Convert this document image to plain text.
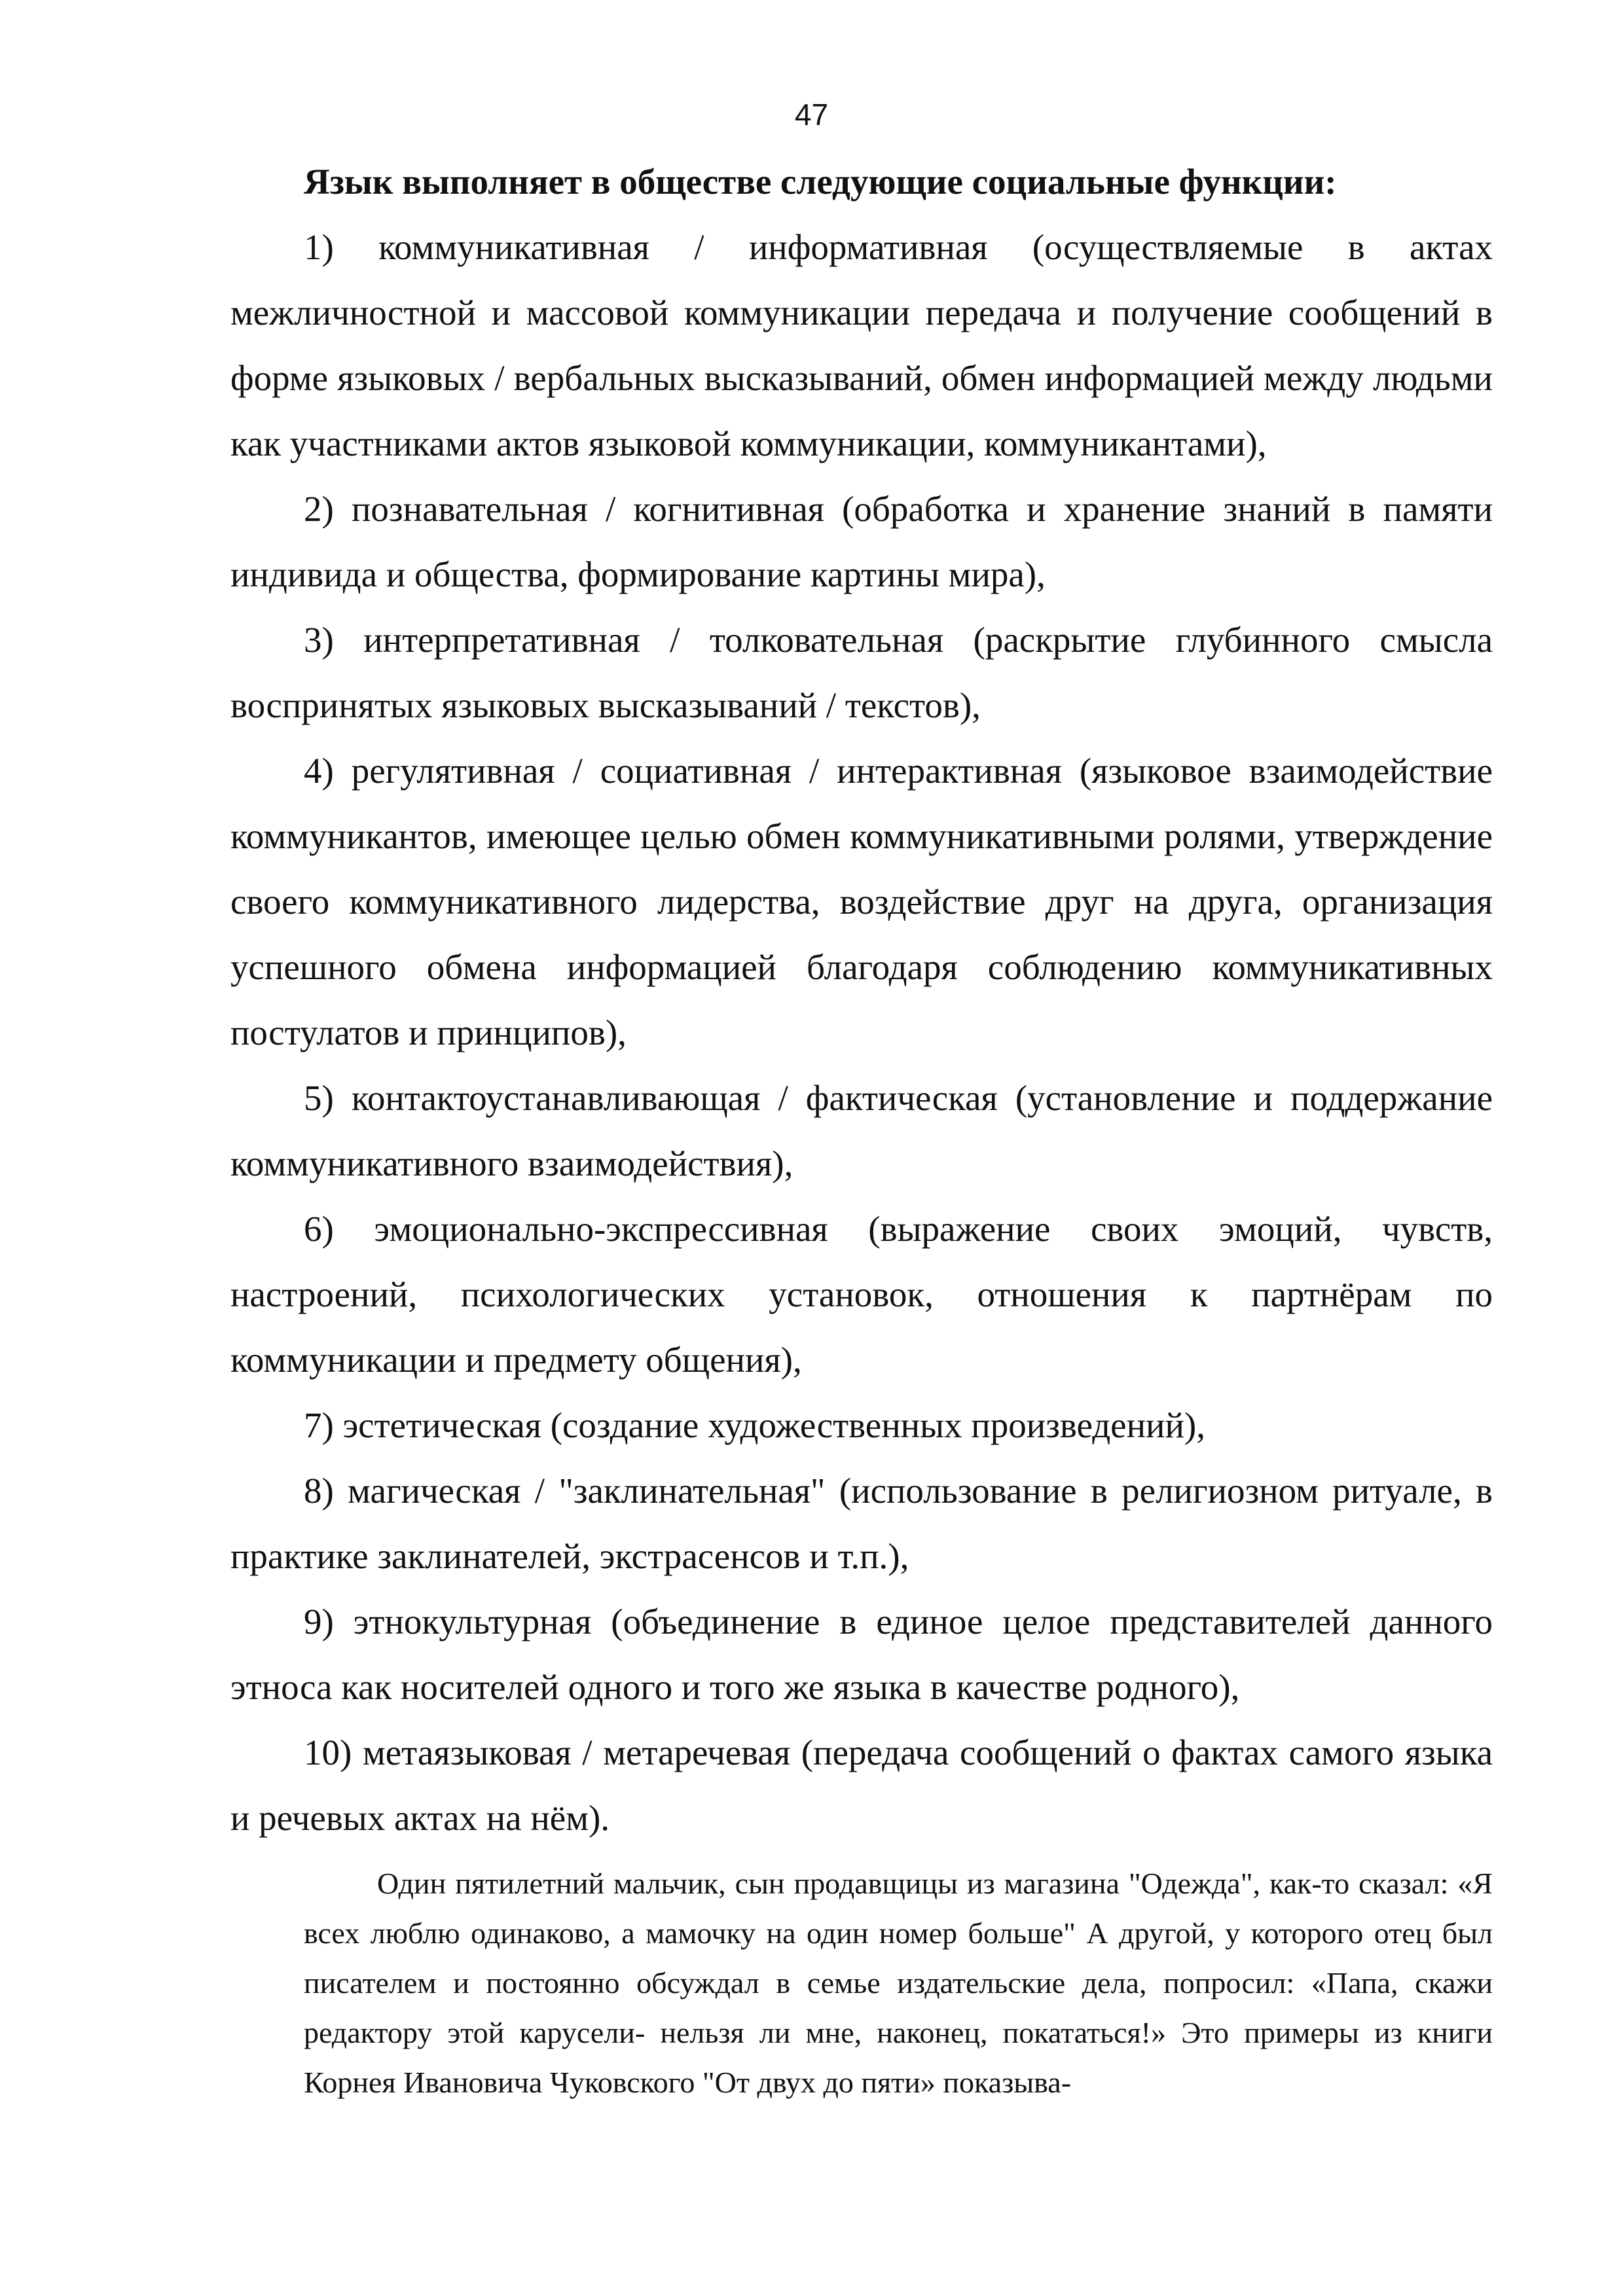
47

Язык выполняет в обществе следующие социальные функции:

1) коммуникативная / информативная (осуществляемые в актах межличностной и массовой коммуникации передача и получение сообщений в форме языковых / вербальных высказываний, обмен информацией между людьми как участниками актов языковой коммуникации, коммуникантами),

2) познавательная / когнитивная (обработка и хранение знаний в памяти индивида и общества, формирование картины мира),

3) интерпретативная / толковательная (раскрытие глубинного смысла воспринятых языковых высказываний / текстов),

4) регулятивная / социативная / интерактивная (языковое взаимодействие коммуникантов, имеющее целью обмен коммуникативными ролями, утверждение своего коммуникативного лидерства, воздействие друг на друга, организация успешного обмена информацией благодаря соблюдению коммуникативных постулатов и принципов),

5) контактоустанавливающая / фактическая (установление и поддержание коммуникативного взаимодействия),

6) эмоционально-экспрессивная (выражение своих эмоций, чувств, настроений, психологических установок, отношения к партнёрам по коммуникации и предмету общения),

7) эстетическая (создание художественных произведений),

8) магическая / "заклинательная" (использование в религиозном ритуале, в практике заклинателей, экстрасенсов и т.п.),

9) этнокультурная (объединение в единое целое представителей данного этноса как носителей одного и того же языка в качестве родного),

10) метаязыковая / метаречевая (передача сообщений о фактах самого языка и речевых актах на нём).

Один пятилетний мальчик, сын продавщицы из магазина "Одежда", как-то сказал: «Я всех люблю одинаково, а мамочку на один номер больше" А другой, у которого отец был писателем и постоянно обсуждал в семье издательские дела, попросил: «Папа, скажи редактору этой карусели- нельзя ли мне, наконец, покататься!» Это примеры из книги Корнея Ивановича Чуковского "От двух до пяти» показыва-
